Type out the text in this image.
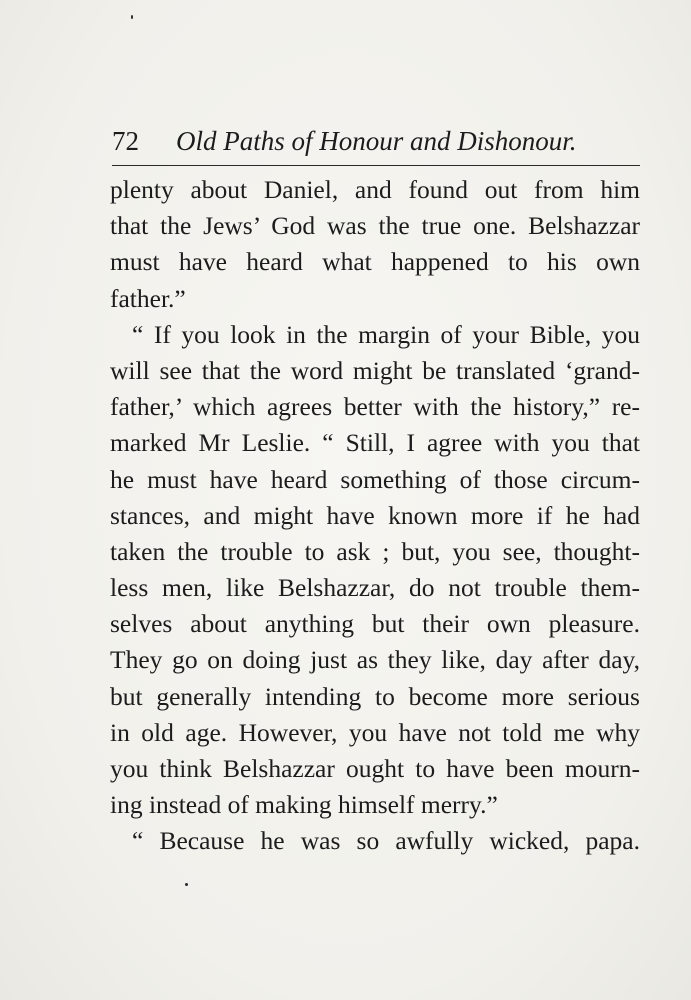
72 Old Paths of Honour and Dishonour.
plenty about Daniel, and found out from him
that the Jews’ God was the true one. Belshazzar
must have heard what happened to his own
father.”
“ If you look in the margin of your Bible, you
will see that the word might be translated ‘grand-
father,’ which agrees better with the history,” re-
marked Mr Leslie. “ Still, I agree with you that
he must have heard something of those circum-
stances, and might have known more if he had
taken the trouble to ask ; but, you see, thought-
less men, like Belshazzar, do not trouble them-
selves about anything but their own pleasure.
They go on doing just as they like, day after day,
but generally intending to become more serious
in old age. However, you have not told me why
you think Belshazzar ought to have been mourn-
ing instead of making himself merry.”
“ Because he was so awfully wicked, papa.
